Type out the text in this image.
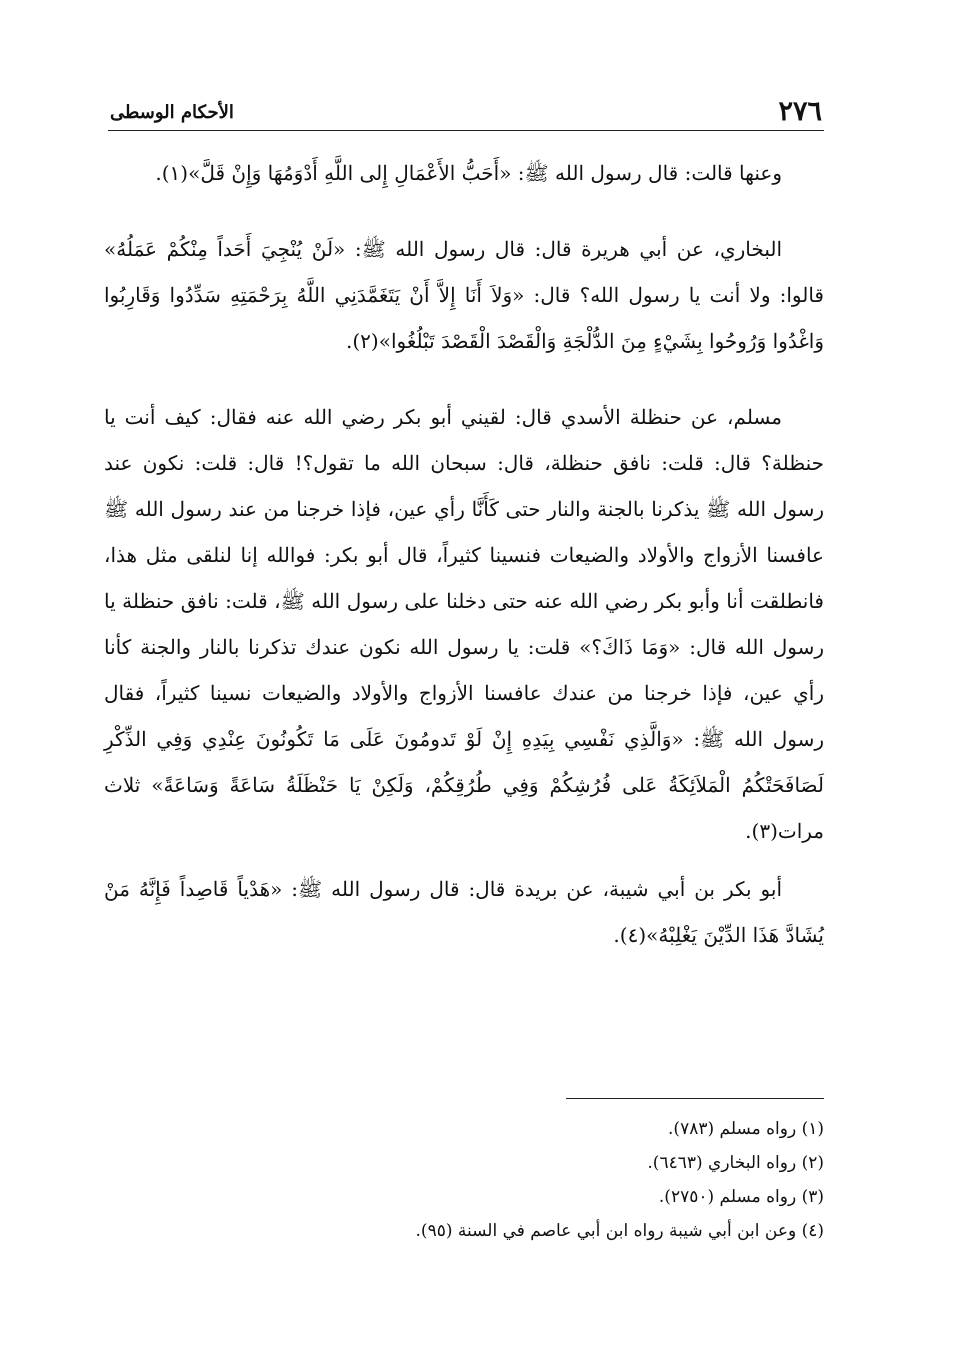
٢٧٦
الأحكام الوسطى

وعنها قالت: قال رسول الله ﷺ: «أَحَبُّ الأَعْمَالِ إِلى اللَّهِ أَدْوَمُهَا وَإِنْ قَلَّ»(١).

البخاري، عن أبي هريرة قال: قال رسول الله ﷺ: «لَنْ يُنْجِيَ أَحَداً مِنْكُمْ عَمَلُهُ» قالوا: ولا أنت يا رسول الله؟ قال: «وَلاَ أَنَا إِلاَّ أَنْ يَتَغَمَّدَنِي اللَّهُ بِرَحْمَتِهِ سَدِّدُوا وَقَارِبُوا وَاغْدُوا وَرُوحُوا بِشَيْءٍ مِنَ الدُّلْجَةِ وَالْقَصْدَ الْقَصْدَ تَبْلُغُوا»(٢).

مسلم، عن حنظلة الأسدي قال: لقيني أبو بكر رضي الله عنه فقال: كيف أنت يا حنظلة؟ قال: قلت: نافق حنظلة، قال: سبحان الله ما تقول؟! قال: قلت: نكون عند رسول الله ﷺ يذكرنا بالجنة والنار حتى كَأَنَّا رأي عين، فإذا خرجنا من عند رسول الله ﷺ عافسنا الأزواج والأولاد والضيعات فنسينا كثيراً، قال أبو بكر: فوالله إنا لنلقى مثل هذا، فانطلقت أنا وأبو بكر رضي الله عنه حتى دخلنا على رسول الله ﷺ، قلت: نافق حنظلة يا رسول الله قال: «وَمَا ذَاكَ؟» قلت: يا رسول الله نكون عندك تذكرنا بالنار والجنة كأنا رأي عين، فإذا خرجنا من عندك عافسنا الأزواج والأولاد والضيعات نسينا كثيراً، فقال رسول الله ﷺ: «وَالَّذِي نَفْسِي بِيَدِهِ إِنْ لَوْ تَدومُونَ عَلَى مَا تَكُونُونَ عِنْدِي وَفِي الذِّكْرِ لَصَافَحَتْكُمُ الْمَلاَئِكَةُ عَلى فُرُشِكُمْ وَفِي طُرُقِكُمْ، وَلَكِنْ يَا حَنْظَلَةُ سَاعَةً وَسَاعَةً» ثلاث مرات(٣).

أبو بكر بن أبي شيبة، عن بريدة قال: قال رسول الله ﷺ: «هَدْياً قَاصِداً فَإِنَّهُ مَنْ يُشَادَّ هَذَا الدِّيْنَ يَغْلِبْهُ»(٤).

(١) رواه مسلم (٧٨٣).
(٢) رواه البخاري (٦٤٦٣).
(٣) رواه مسلم (٢٧٥٠).
(٤) وعن ابن أبي شيبة رواه ابن أبي عاصم في السنة (٩٥).
